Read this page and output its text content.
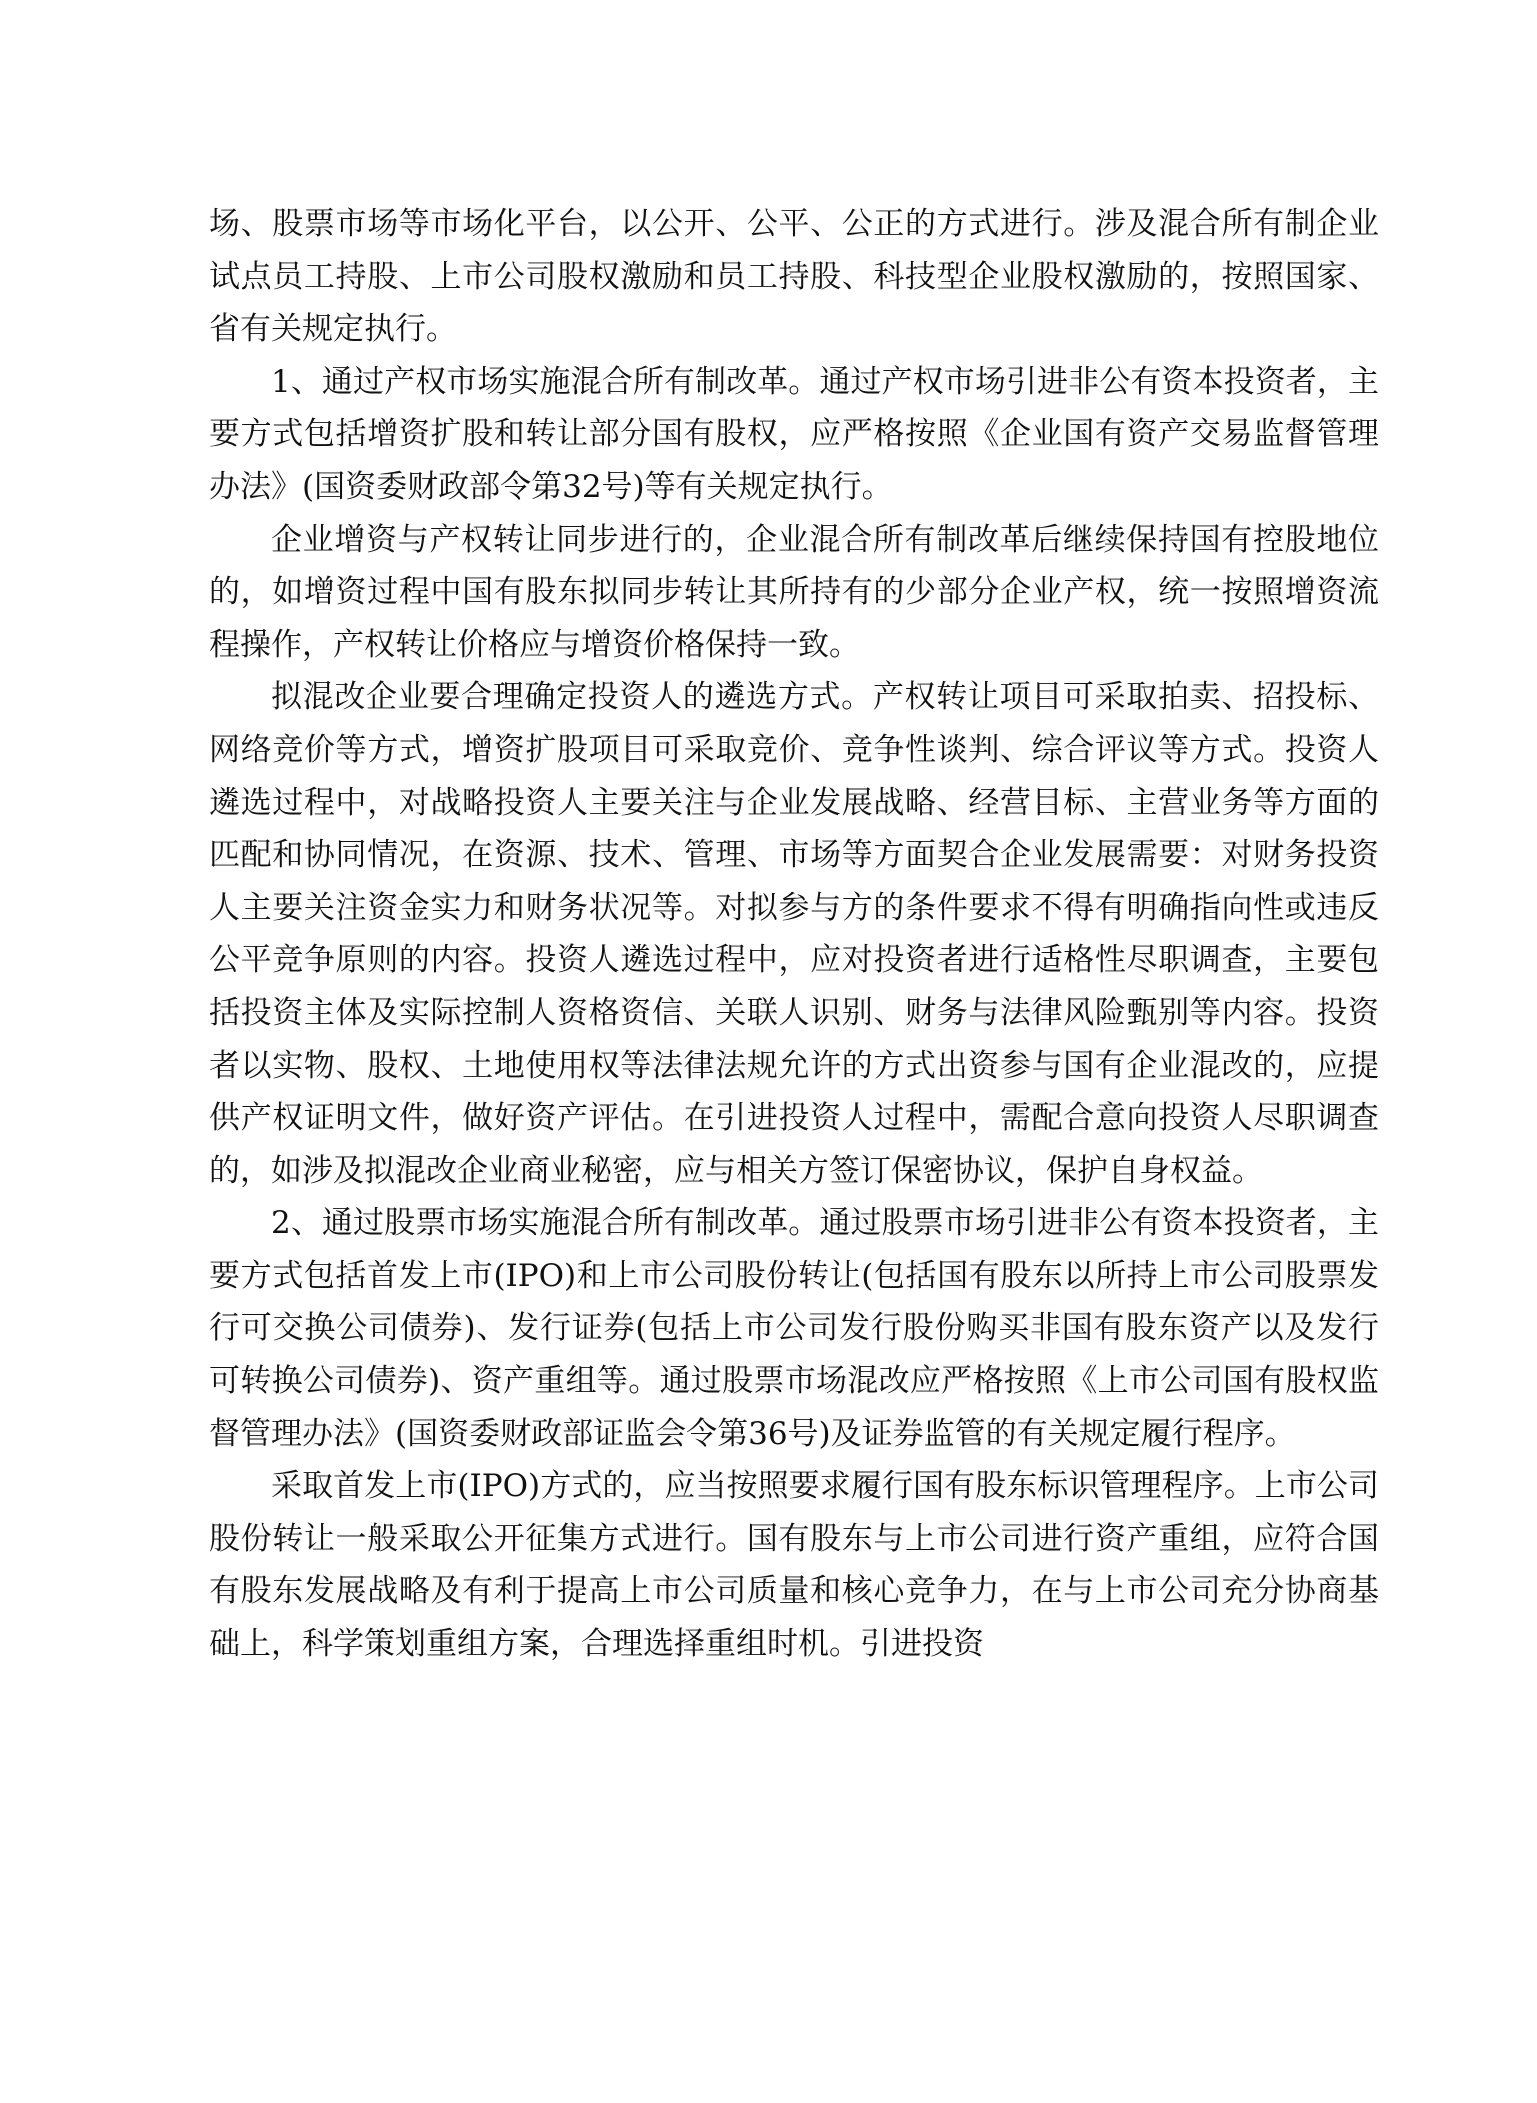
场、股票市场等市场化平台，以公开、公平、公正的方式进行。涉及混合所有制企业试点员工持股、上市公司股权激励和员工持股、科技型企业股权激励的，按照国家、省有关规定执行。

1、通过产权市场实施混合所有制改革。通过产权市场引进非公有资本投资者，主要方式包括增资扩股和转让部分国有股权，应严格按照《企业国有资产交易监督管理办法》(国资委财政部令第32号)等有关规定执行。

企业增资与产权转让同步进行的，企业混合所有制改革后继续保持国有控股地位的，如增资过程中国有股东拟同步转让其所持有的少部分企业产权，统一按照增资流程操作，产权转让价格应与增资价格保持一致。

拟混改企业要合理确定投资人的遴选方式。产权转让项目可采取拍卖、招投标、网络竞价等方式，增资扩股项目可采取竞价、竞争性谈判、综合评议等方式。投资人遴选过程中，对战略投资人主要关注与企业发展战略、经营目标、主营业务等方面的匹配和协同情况，在资源、技术、管理、市场等方面契合企业发展需要：对财务投资人主要关注资金实力和财务状况等。对拟参与方的条件要求不得有明确指向性或违反公平竞争原则的内容。投资人遴选过程中，应对投资者进行适格性尽职调查，主要包括投资主体及实际控制人资格资信、关联人识别、财务与法律风险甄别等内容。投资者以实物、股权、土地使用权等法律法规允许的方式出资参与国有企业混改的，应提供产权证明文件，做好资产评估。在引进投资人过程中，需配合意向投资人尽职调查的，如涉及拟混改企业商业秘密，应与相关方签订保密协议，保护自身权益。

2、通过股票市场实施混合所有制改革。通过股票市场引进非公有资本投资者，主要方式包括首发上市(IPO)和上市公司股份转让(包括国有股东以所持上市公司股票发行可交换公司债券)、发行证券(包括上市公司发行股份购买非国有股东资产以及发行可转换公司债券)、资产重组等。通过股票市场混改应严格按照《上市公司国有股权监督管理办法》(国资委财政部证监会令第36号)及证券监管的有关规定履行程序。

采取首发上市(IPO)方式的，应当按照要求履行国有股东标识管理程序。上市公司股份转让一般采取公开征集方式进行。国有股东与上市公司进行资产重组，应符合国有股东发展战略及有利于提高上市公司质量和核心竞争力，在与上市公司充分协商基础上，科学策划重组方案，合理选择重组时机。引进投资
